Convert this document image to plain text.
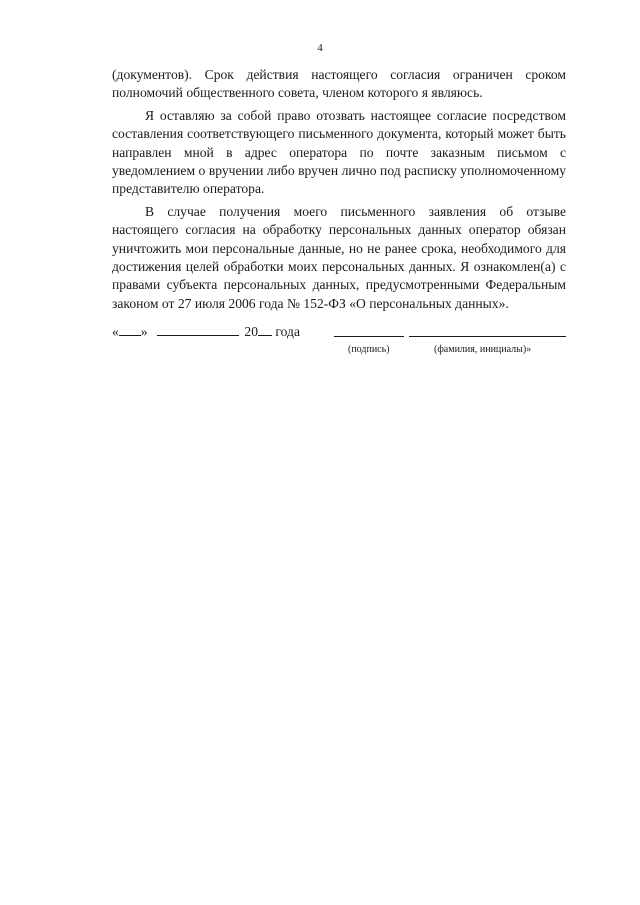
4

(документов). Срок действия настоящего согласия ограничен сроком полномочий общественного совета, членом которого я являюсь.

Я оставляю за собой право отозвать настоящее согласие посредством составления соответствующего письменного документа, который может быть направлен мной в адрес оператора по почте заказным письмом с уведомлением о вручении либо вручен лично под расписку уполномоченному представителю оператора.

В случае получения моего письменного заявления об отзыве настоящего согласия на обработку персональных данных оператор обязан уничтожить мои персональные данные, но не ранее срока, необходимого для достижения целей обработки моих персональных данных. Я ознакомлен(а) с правами субъекта персональных данных, предусмотренными Федеральным законом от 27 июля 2006 года № 152-ФЗ «О персональных данных».

« »	20 года
(подпись)	(фамилия, инициалы)»
